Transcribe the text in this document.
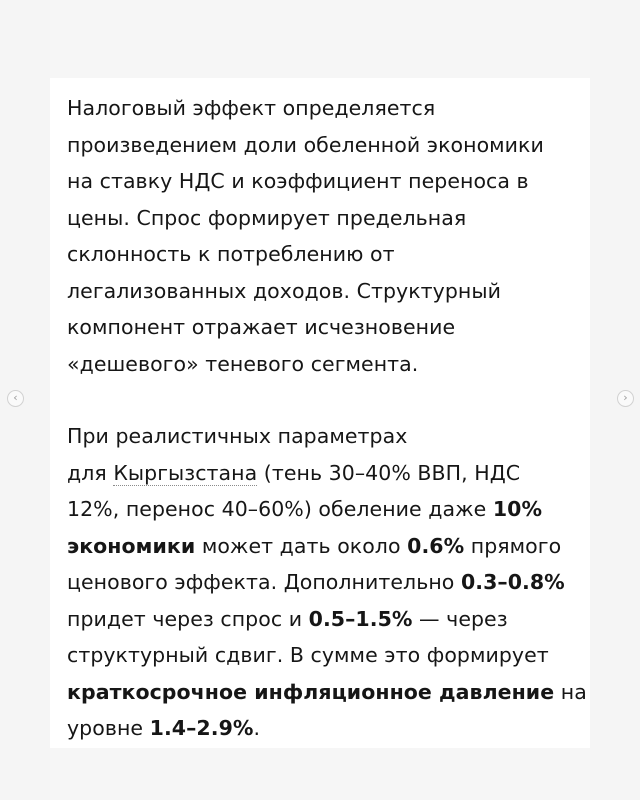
Налоговый эффект определяется
произведением доли обеленной экономики
на ставку НДС и коэффициент переноса в
цены. Спрос формирует предельная
склонность к потреблению от
легализованных доходов. Структурный
компонент отражает исчезновение
«дешевого» теневого сегмента.

При реалистичных параметрах
для Кыргызстана (тень 30–40% ВВП, НДС
12%, перенос 40–60%) обеление даже 10%
экономики может дать около 0.6% прямого
ценового эффекта. Дополнительно 0.3–0.8%
придет через спрос и 0.5–1.5% — через
структурный сдвиг. В сумме это формирует
краткосрочное инфляционное давление на
уровне 1.4–2.9%.

‹	›
